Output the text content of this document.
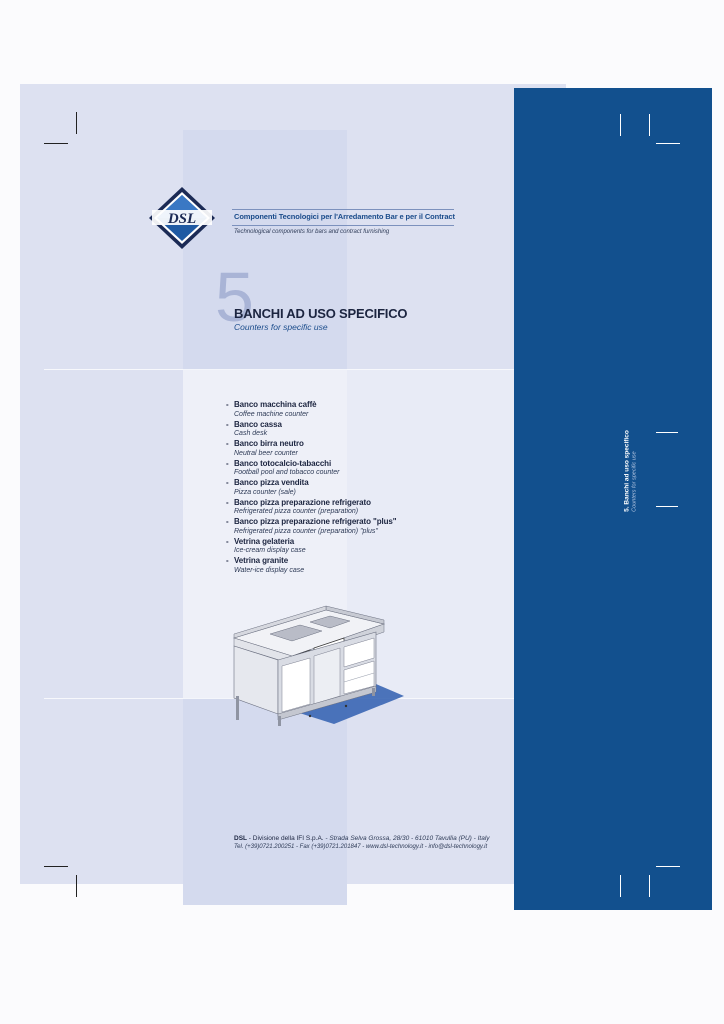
DSL	Componenti Tecnologici per l'Arredamento Bar e per il Contract
Technological components for bars and contract furnishing
5
BANCHI AD USO SPECIFICO
Counters for specific use
- Banco macchina caffè
Coffee machine counter
- Banco cassa
Cash desk
- Banco birra neutro
Neutral beer counter
- Banco totocalcio-tabacchi
Football pool and tobacco counter
- Banco pizza vendita
Pizza counter (sale)
- Banco pizza preparazione refrigerato
Refrigerated pizza counter (preparation)
- Banco pizza preparazione refrigerato "plus"
Refrigerated pizza counter (preparation) "plus"
- Vetrina gelateria
Ice-cream display case
- Vetrina granite
Water-ice display case
DSL - Divisione della IFI S.p.A. - Strada Selva Grossa, 28/30 - 61010 Tavullia (PU) - Italy
Tel. (+39)0721.200251 - Fax (+39)0721.201847 - www.dsl-technology.it - info@dsl-technology.it
5. Banchi ad uso specifico Counters for specific use
